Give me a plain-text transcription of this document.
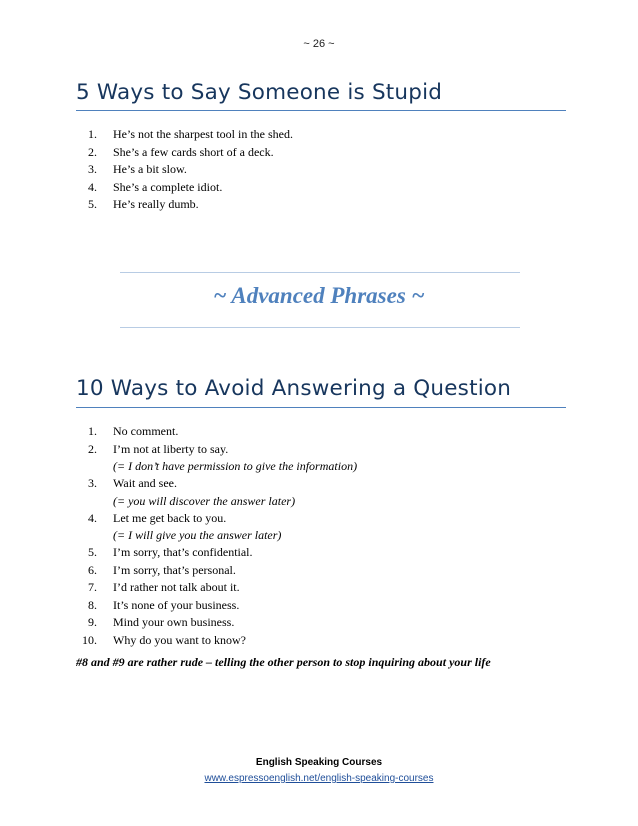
~ 26 ~
5 Ways to Say Someone is Stupid
1.	He’s not the sharpest tool in the shed.
2.	She’s a few cards short of a deck.
3.	He’s a bit slow.
4.	She’s a complete idiot.
5.	He’s really dumb.
~ Advanced Phrases ~
10 Ways to Avoid Answering a Question
1.	No comment.
2.	I’m not at liberty to say.
(= I don’t have permission to give the information)
3.	Wait and see.
(= you will discover the answer later)
4.	Let me get back to you.
(= I will give you the answer later)
5.	I’m sorry, that’s confidential.
6.	I’m sorry, that’s personal.
7.	I’d rather not talk about it.
8.	It’s none of your business.
9.	Mind your own business.
10.	Why do you want to know?
#8 and #9 are rather rude – telling the other person to stop inquiring about your life
English Speaking Courses
www.espressoenglish.net/english-speaking-courses
